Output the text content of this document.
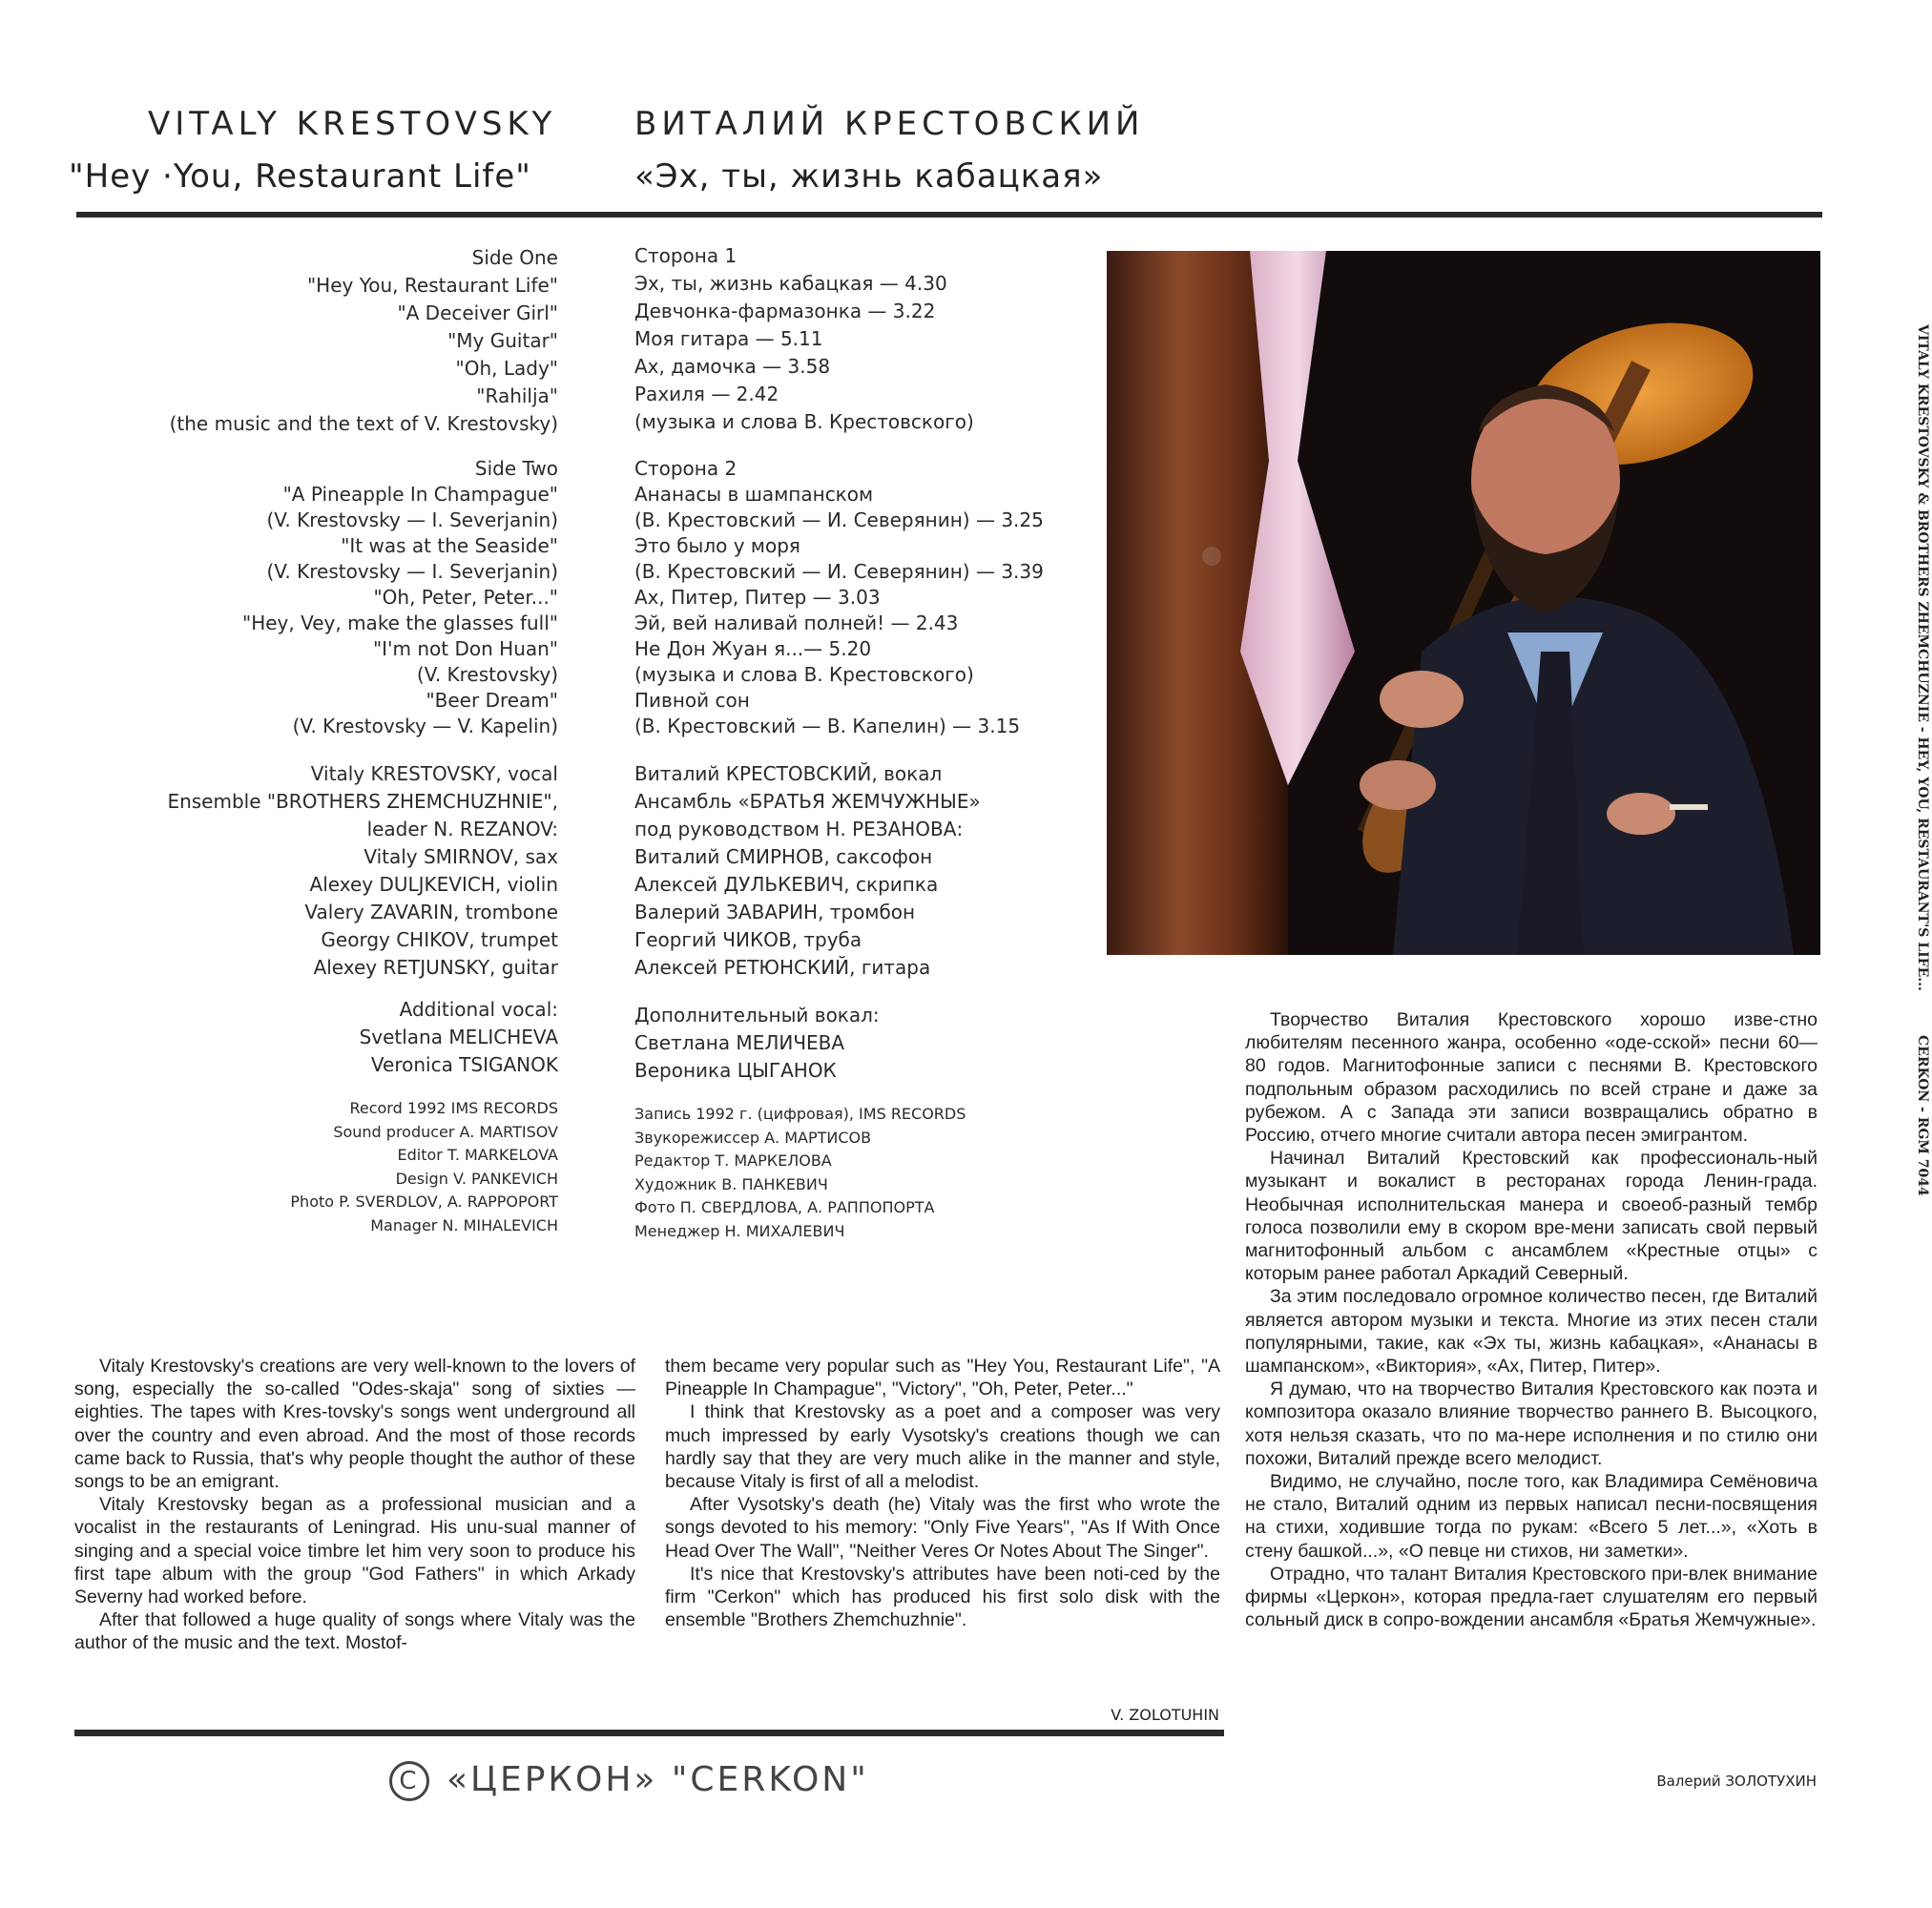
VITALY KRESTOVSKY ВИТАЛИЙ КРЕСТОВСКИЙ
"Hey ·You, Restaurant Life"	«Эх, ты, жизнь кабацкая»
Side One
"Hey You, Restaurant Life"
"A Deceiver Girl"
"My Guitar"
"Oh, Lady"
"Rahilja"
(the music and the text of V. Krestovsky)
Сторона 1
Эх, ты, жизнь кабацкая — 4.30
Девчонка-фармазонка — 3.22
Моя гитара — 5.11
Ах, дамочка — 3.58
Рахиля — 2.42
(музыка и слова В. Крестовского)
Side Two
"A Pineapple In Champague"
(V. Krestovsky — I. Severjanin)
"It was at the Seaside"
(V. Krestovsky — I. Severjanin)
"Oh, Peter, Peter..."
"Hey, Vey, make the glasses full"
"I'm not Don Huan"
(V. Krestovsky)
"Beer Dream"
(V. Krestovsky — V. Kapelin)
Сторона 2
Ананасы в шампанском
(В. Крестовский — И. Северянин) — 3.25
Это было у моря
(В. Крестовский — И. Северянин) — 3.39
Ах, Питер, Питер — 3.03
Эй, вей наливай полней! — 2.43
Не Дон Жуан я...— 5.20
(музыка и слова В. Крестовского)
Пивной сон
(В. Крестовский — В. Капелин) — 3.15
Vitaly KRESTOVSKY, vocal
Ensemble "BROTHERS ZHEMCHUZHNIE",
leader N. REZANOV:
Vitaly SMIRNOV, sax
Alexey DULJKEVICH, violin
Valery ZAVARIN, trombone
Georgy CHIKOV, trumpet
Alexey RETJUNSKY, guitar
Виталий КРЕСТОВСКИЙ, вокал
Ансамбль «БРАТЬЯ ЖЕМЧУЖНЫЕ»
под руководством Н. РЕЗАНОВА:
Виталий СМИРНОВ, саксофон
Алексей ДУЛЬКЕВИЧ, скрипка
Валерий ЗАВАРИН, тромбон
Георгий ЧИКОВ, труба
Алексей РЕТЮНСКИЙ, гитара
Additional vocal:
Svetlana MELICHEVA
Veronica TSIGANOK
Дополнительный вокал:
Светлана МЕЛИЧЕВА
Вероника ЦЫГАНОК
Record 1992 IMS RECORDS
Sound producer A. MARTISOV
Editor T. MARKELOVA
Design V. PANKEVICH
Photo P. SVERDLOV, A. RAPPOPORT
Manager N. MIHALEVICH
Запись 1992 г. (цифровая), IMS RECORDS
Звукорежиссер А. МАРТИСОВ
Редактор Т. МАРКЕЛОВА
Художник В. ПАНКЕВИЧ
Фото П. СВЕРДЛОВА, А. РАППОПОРТА
Менеджер Н. МИХАЛЕВИЧ

Vitaly Krestovsky's creations are very well-known to the lovers of song, especially the so-called "Odes-skaja" song of sixties — eighties. The tapes with Kres-tovsky's songs went underground all over the country and even abroad. And the most of those records came back to Russia, that's why people thought the author of these songs to be an emigrant.

Vitaly Krestovsky began as a professional musician and a vocalist in the restaurants of Leningrad. His unu-sual manner of singing and a special voice timbre let him very soon to produce his first tape album with the group "God Fathers" in which Arkady Severny had worked before.

After that followed a huge quality of songs where Vitaly was the author of the music and the text. Mostof-

them became very popular such as "Hey You, Restaurant Life", "A Pineapple In Champague", "Victory", "Oh, Peter, Peter..."

I think that Krestovsky as a poet and a composer was very much impressed by early Vysotsky's creations though we can hardly say that they are very much alike in the manner and style, because Vitaly is first of all a melodist.

After Vysotsky's death (he) Vitaly was the first who wrote the songs devoted to his memory: "Only Five Years", "As If With Once Head Over The Wall", "Neither Veres Or Notes About The Singer".

It's nice that Krestovsky's attributes have been noti-ced by the firm "Cerkon" which has produced his first solo disk with the ensemble "Brothers Zhemchuzhnie".

V. ZOLOTUHIN

Творчество Виталия Крестовского хорошо изве-стно любителям песенного жанра, особенно «оде-сской» песни 60—80 годов. Магнитофонные записи с песнями В. Крестовского подпольным образом расходились по всей стране и даже за рубежом. А с Запада эти записи возвращались обратно в Россию, отчего многие считали автора песен эмигрантом.

Начинал Виталий Крестовский как профессиональ-ный музыкант и вокалист в ресторанах города Ленин-града. Необычная исполнительская манера и своеоб-разный тембр голоса позволили ему в скором вре-мени записать свой первый магнитофонный альбом с ансамблем «Крестные отцы» с которым ранее работал Аркадий Северный.

За этим последовало огромное количество песен, где Виталий является автором музыки и текста. Многие из этих песен стали популярными, такие, как «Эх ты, жизнь кабацкая», «Ананасы в шампанском», «Виктория», «Ах, Питер, Питер».

Я думаю, что на творчество Виталия Крестовского как поэта и композитора оказало влияние творчество раннего В. Высоцкого, хотя нельзя сказать, что по ма-нере исполнения и по стилю они похожи, Виталий прежде всего мелодист.

Видимо, не случайно, после того, как Владимира Семёновича не стало, Виталий одним из первых написал песни-посвящения на стихи, ходившие тогда по рукам: «Всего 5 лет...», «Хоть в стену башкой...», «О певце ни стихов, ни заметки».

Отрадно, что талант Виталия Крестовского при-влек внимание фирмы «Церкон», которая предла-гает слушателям его первый сольный диск в сопро-вождении ансамбля «Братья Жемчужные».

Валерий ЗОЛОТУХИН
C «ЦЕРКОН» "CERKON"
VITALY KRESTOVSKY & BROTHERS ZHEMCHUZNIE - HEY, YOU, RESTAURANT'S LIFE...
CERKON - RGM 7044
